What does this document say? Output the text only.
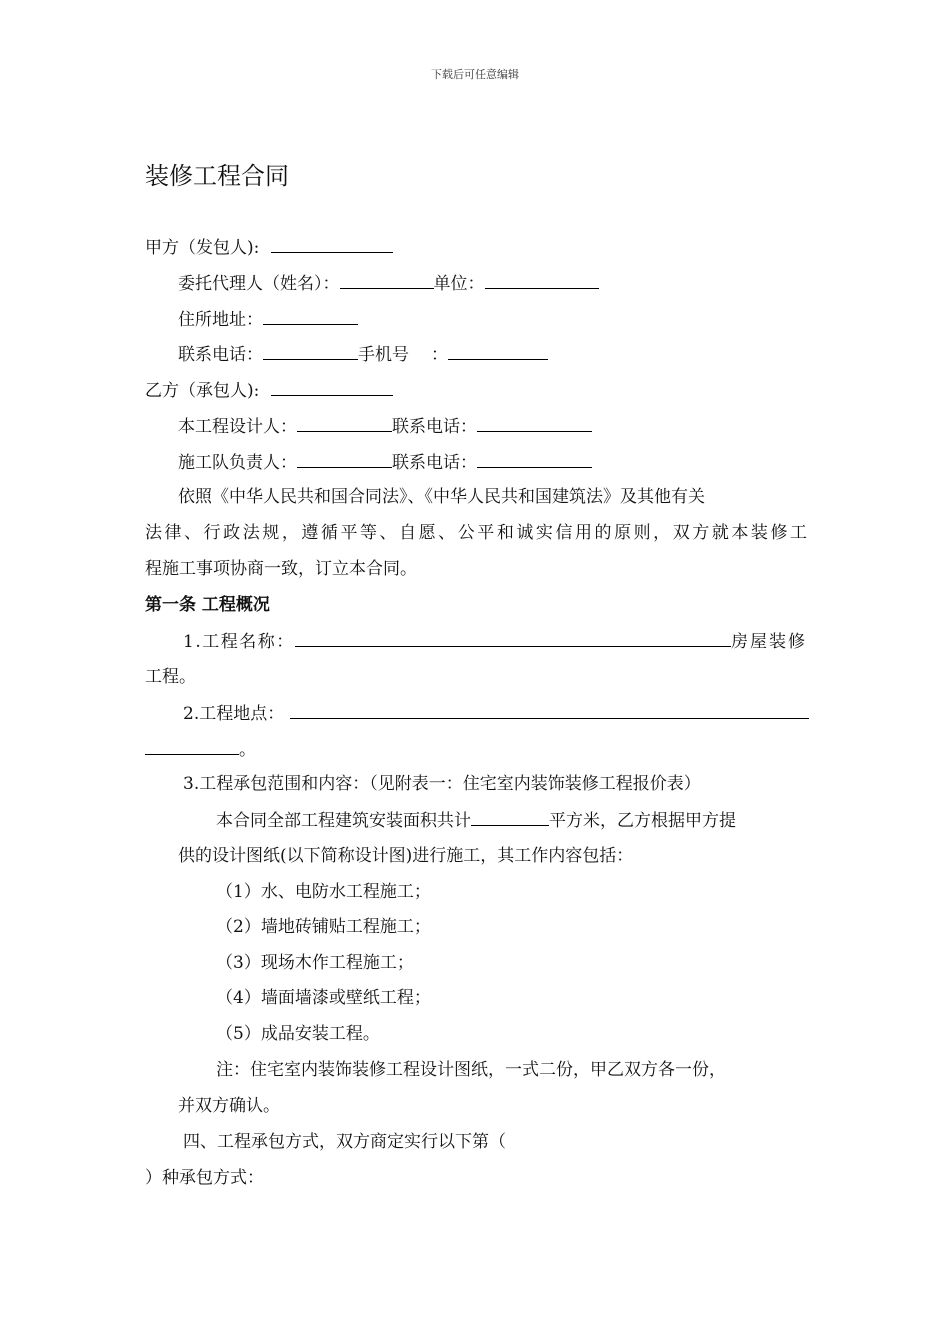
下载后可任意编辑
装修工程合同
甲方（发包人):
委托代理人（姓名）：	单位：
住所地址：
联系电话：	手机号 ：
乙方（承包人):
本工程设计人：	联系电话：
施工队负责人：	联系电话：
依照《中华人民共和国合同法》、《中华人民共和国建筑法》及其他有关
法律、行政法规，遵循平等、自愿、公平和诚实信用的原则，双方就本装修工
程施工事项协商一致，订立本合同。
第一条 工程概况
1.工程名称：	房屋装修
工程。
2.工程地点：
。
3.工程承包范围和内容：（见附表一：住宅室内装饰装修工程报价表）
本合同全部工程建筑安装面积共计	平方米，乙方根据甲方提
供的设计图纸(以下简称设计图)进行施工，其工作内容包括：
（1）水、电防水工程施工；
（2）墙地砖铺贴工程施工；
（3）现场木作工程施工；
（4）墙面墙漆或壁纸工程；
（5）成品安装工程。
注：住宅室内装饰装修工程设计图纸，一式二份，甲乙双方各一份，
并双方确认。
四、工程承包方式，双方商定实行以下第（
）种承包方式：
